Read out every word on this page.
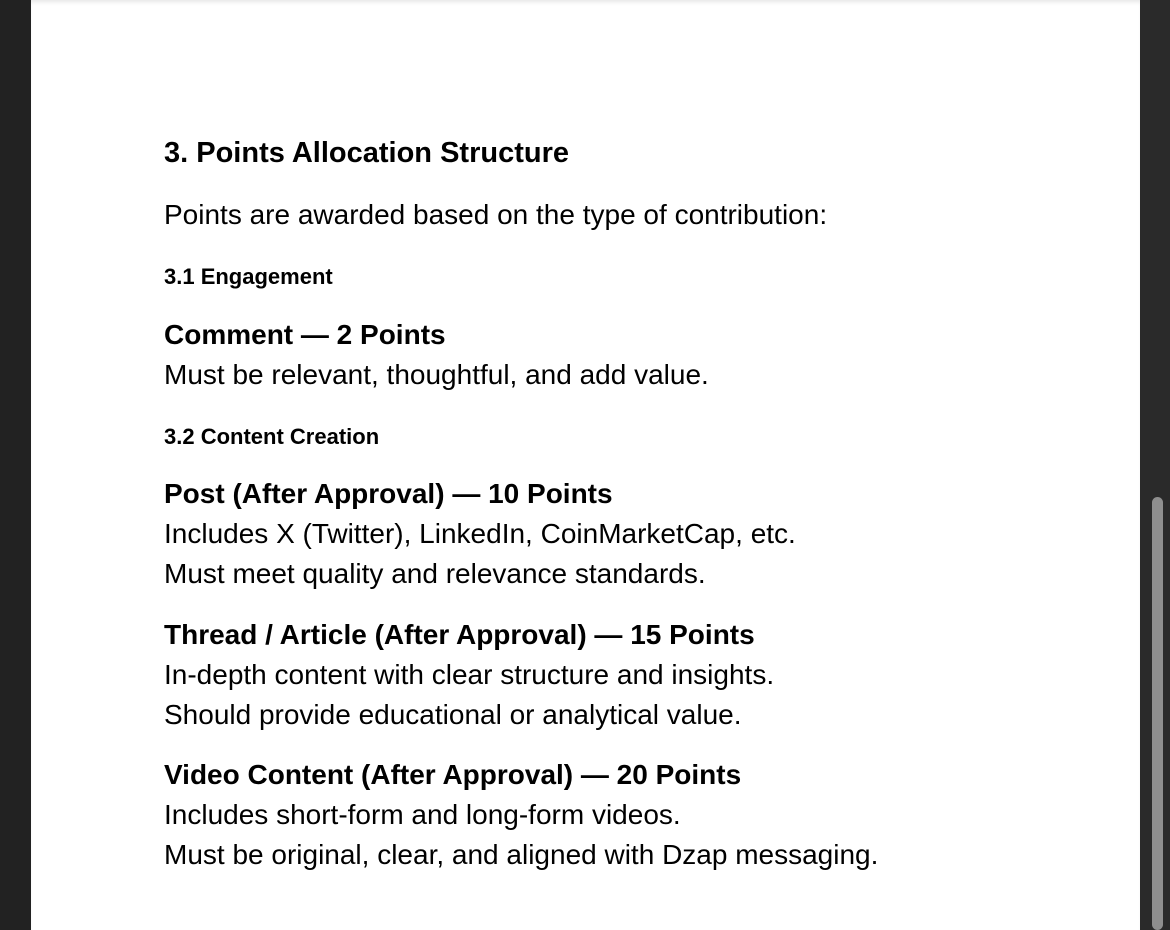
3. Points Allocation Structure

Points are awarded based on the type of contribution:

3.1 Engagement

Comment — 2 Points

Must be relevant, thoughtful, and add value.

3.2 Content Creation

Post (After Approval) — 10 Points

Includes X (Twitter), LinkedIn, CoinMarketCap, etc.

Must meet quality and relevance standards.

Thread / Article (After Approval) — 15 Points

In-depth content with clear structure and insights.

Should provide educational or analytical value.

Video Content (After Approval) — 20 Points

Includes short-form and long-form videos.

Must be original, clear, and aligned with Dzap messaging.
